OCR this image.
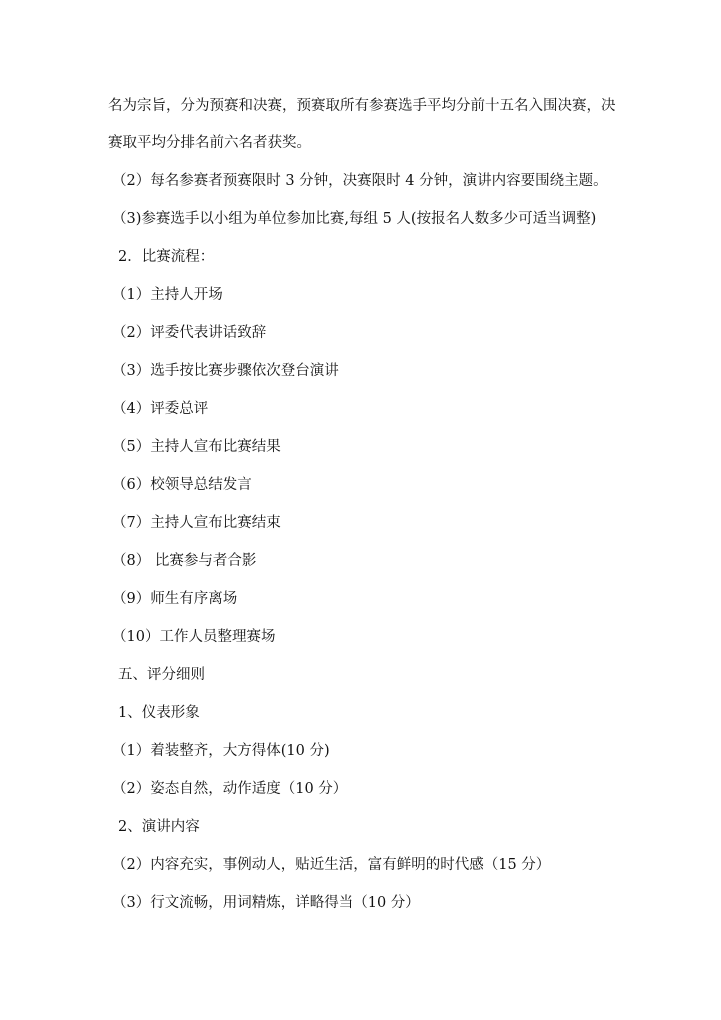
名为宗旨，分为预赛和决赛，预赛取所有参赛选手平均分前十五名入围决赛，决
赛取平均分排名前六名者获奖。
（2）每名参赛者预赛限时 3 分钟，决赛限时 4 分钟，演讲内容要围绕主题。
（3)参赛选手以小组为单位参加比赛,每组 5 人(按报名人数多少可适当调整)
2．比赛流程：
（1）主持人开场
（2）评委代表讲话致辞
（3）选手按比赛步骤依次登台演讲
（4）评委总评
（5）主持人宣布比赛结果
（6）校领导总结发言
（7）主持人宣布比赛结束
（8） 比赛参与者合影
（9）师生有序离场
（10）工作人员整理赛场
五、评分细则
1、仪表形象
（1）着装整齐，大方得体(10 分)
（2）姿态自然，动作适度（10 分）
2、演讲内容
（2）内容充实，事例动人，贴近生活，富有鲜明的时代感（15 分）
（3）行文流畅，用词精炼，详略得当（10 分）
